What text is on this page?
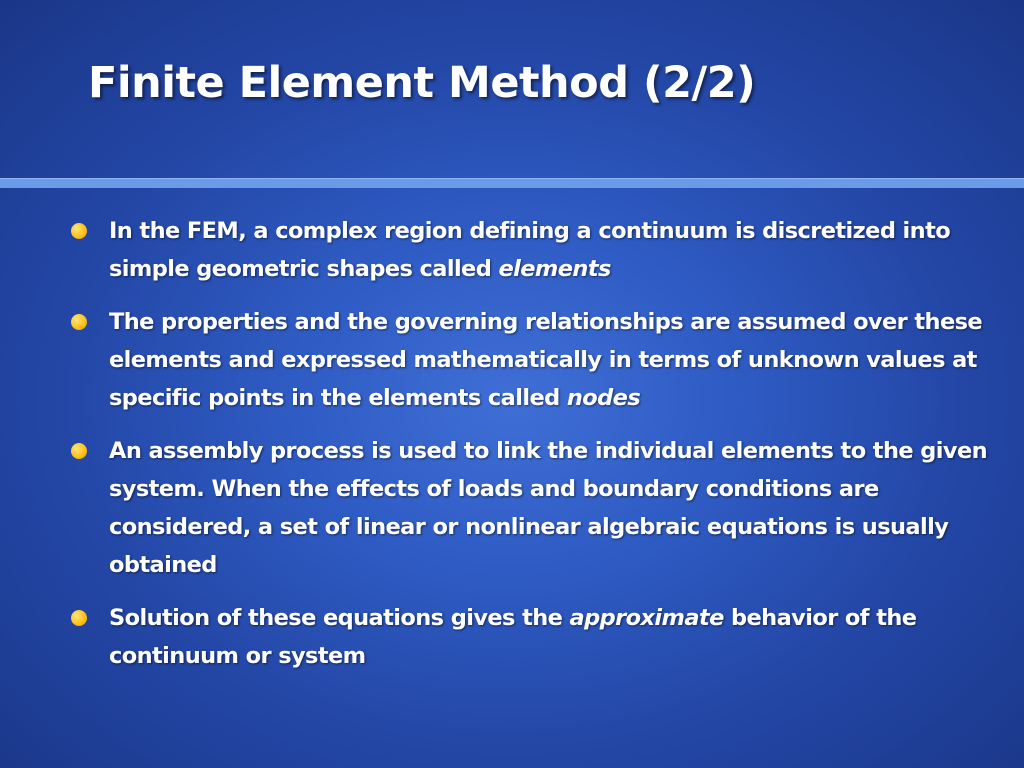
Finite Element Method (2/2)
In the FEM, a complex region defining a continuum is discretized into simple geometric shapes called elements
The properties and the governing relationships are assumed over these elements and expressed mathematically in terms of unknown values at specific points in the elements called nodes
An assembly process is used to link the individual elements to the given system. When the effects of loads and boundary conditions are considered, a set of linear or nonlinear algebraic equations is usually obtained
Solution of these equations gives the approximate behavior of the continuum or system
